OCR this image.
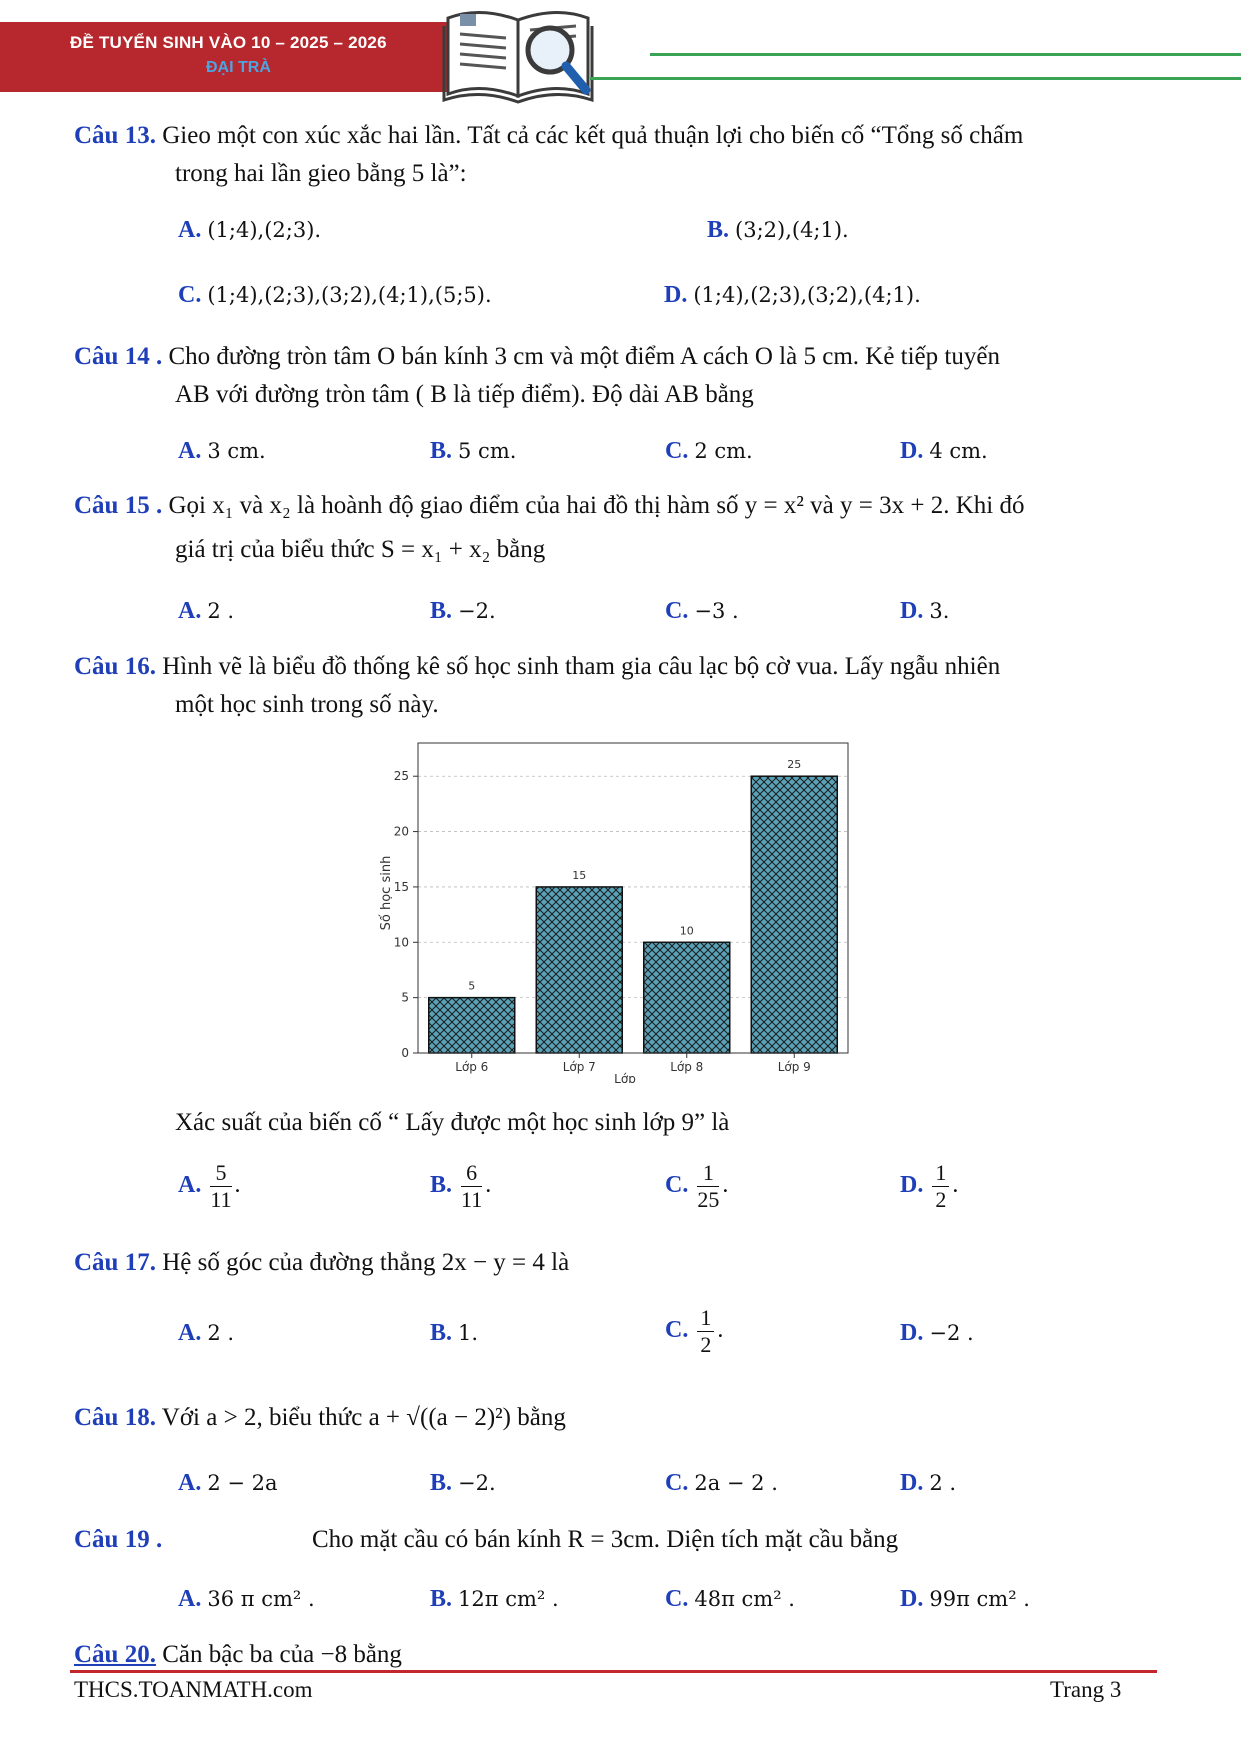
ĐỀ TUYỂN SINH VÀO 10 – 2025 – 2026
ĐẠI TRÀ
Câu 13. Gieo một con xúc xắc hai lần. Tất cả các kết quả thuận lợi cho biến cố “Tổng số chấm
trong hai lần gieo bằng 5 là”:
A. (1;4),(2;3).	B. (3;2),(4;1).
C. (1;4),(2;3),(3;2),(4;1),(5;5).	D. (1;4),(2;3),(3;2),(4;1).
Câu 14 . Cho đường tròn tâm O bán kính 3 cm và một điểm A cách O là 5 cm. Kẻ tiếp tuyến
AB với đường tròn tâm ( B là tiếp điểm). Độ dài AB bằng
A. 3 cm.	B. 5 cm.	C. 2 cm.	D. 4 cm.
Câu 15 . Gọi x₁ và x₂ là hoành độ giao điểm của hai đồ thị hàm số y = x² và y = 3x + 2. Khi đó
giá trị của biểu thức S = x₁ + x₂ bằng
A. 2 .	B. −2.	C. −3 .	D. 3.
Câu 16. Hình vẽ là biểu đồ thống kê số học sinh tham gia câu lạc bộ cờ vua. Lấy ngẫu nhiên
một học sinh trong số này.
0
5
10
15
20
25
5
Lớp 6
15
Lớp 7
10
Lớp 8
25
Lớp 9
Số học sinh
Lớp
Xác suất của biến cố “ Lấy được một học sinh lớp 9” là
A. $\frac{5}{11}$ .	B. $\frac{6}{11}$ .	C. $\frac{1}{25}$ .	D. $\frac{1}{2}$ .
Câu 17. Hệ số góc của đường thẳng 2x − y = 4 là
A. 2 .	B. 1.	C. $\frac{1}{2}$ .	D. −2 .
Câu 18. Với a > 2, biểu thức a + √((a − 2)²) bằng
A. 2 − 2a	B. −2.	C. 2a − 2 .	D. 2 .
Câu 19 .	Cho mặt cầu có bán kính R = 3cm. Diện tích mặt cầu bằng
A. 36 π cm² .	B. 12π cm² .	C. 48π cm² .	D. 99π cm² .
Câu 20. Căn bậc ba của −8 bằng
THCS.TOANMATH.com	Trang 3
